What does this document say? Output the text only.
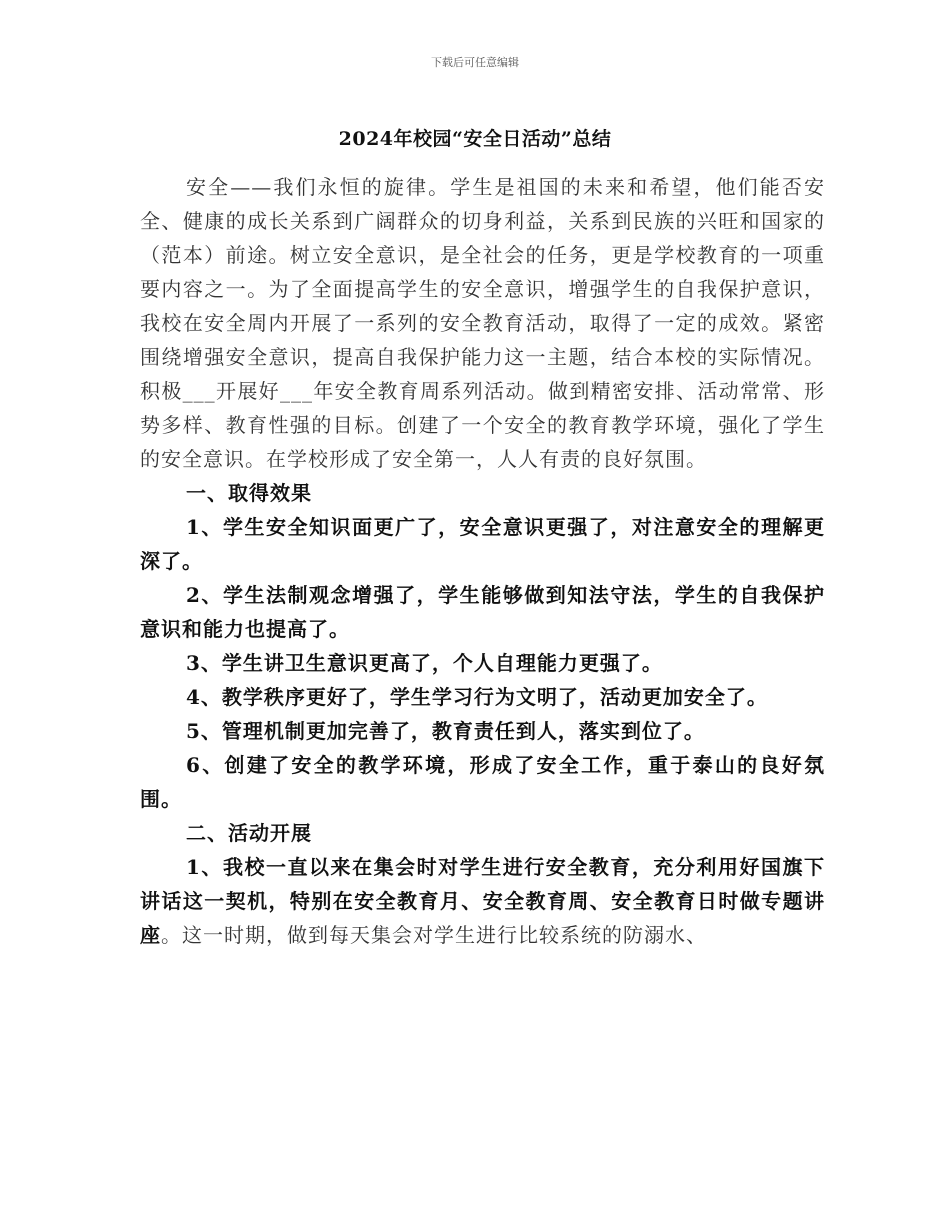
下载后可任意编辑
2024年校园“安全日活动”总结

安全——我们永恒的旋律。学生是祖国的未来和希望，他们能否安全、健康的成长关系到广阔群众的切身利益，关系到民族的兴旺和国家的（范本）前途。树立安全意识，是全社会的任务，更是学校教育的一项重要内容之一。为了全面提高学生的安全意识，增强学生的自我保护意识，我校在安全周内开展了一系列的安全教育活动，取得了一定的成效。紧密围绕增强安全意识，提高自我保护能力这一主题，结合本校的实际情况。积极___开展好___年安全教育周系列活动。做到精密安排、活动常常、形势多样、教育性强的目标。创建了一个安全的教育教学环境，强化了学生的安全意识。在学校形成了安全第一，人人有责的良好氛围。

一、取得效果

1、学生安全知识面更广了，安全意识更强了，对注意安全的理解更深了。

2、学生法制观念增强了，学生能够做到知法守法，学生的自我保护意识和能力也提高了。

3、学生讲卫生意识更高了，个人自理能力更强了。

4、教学秩序更好了，学生学习行为文明了，活动更加安全了。

5、管理机制更加完善了，教育责任到人，落实到位了。

6、创建了安全的教学环境，形成了安全工作，重于泰山的良好氛围。

二、活动开展

1、我校一直以来在集会时对学生进行安全教育，充分利用好国旗下讲话这一契机，特别在安全教育月、安全教育周、安全教育日时做专题讲座。这一时期，做到每天集会对学生进行比较系统的防溺水、
